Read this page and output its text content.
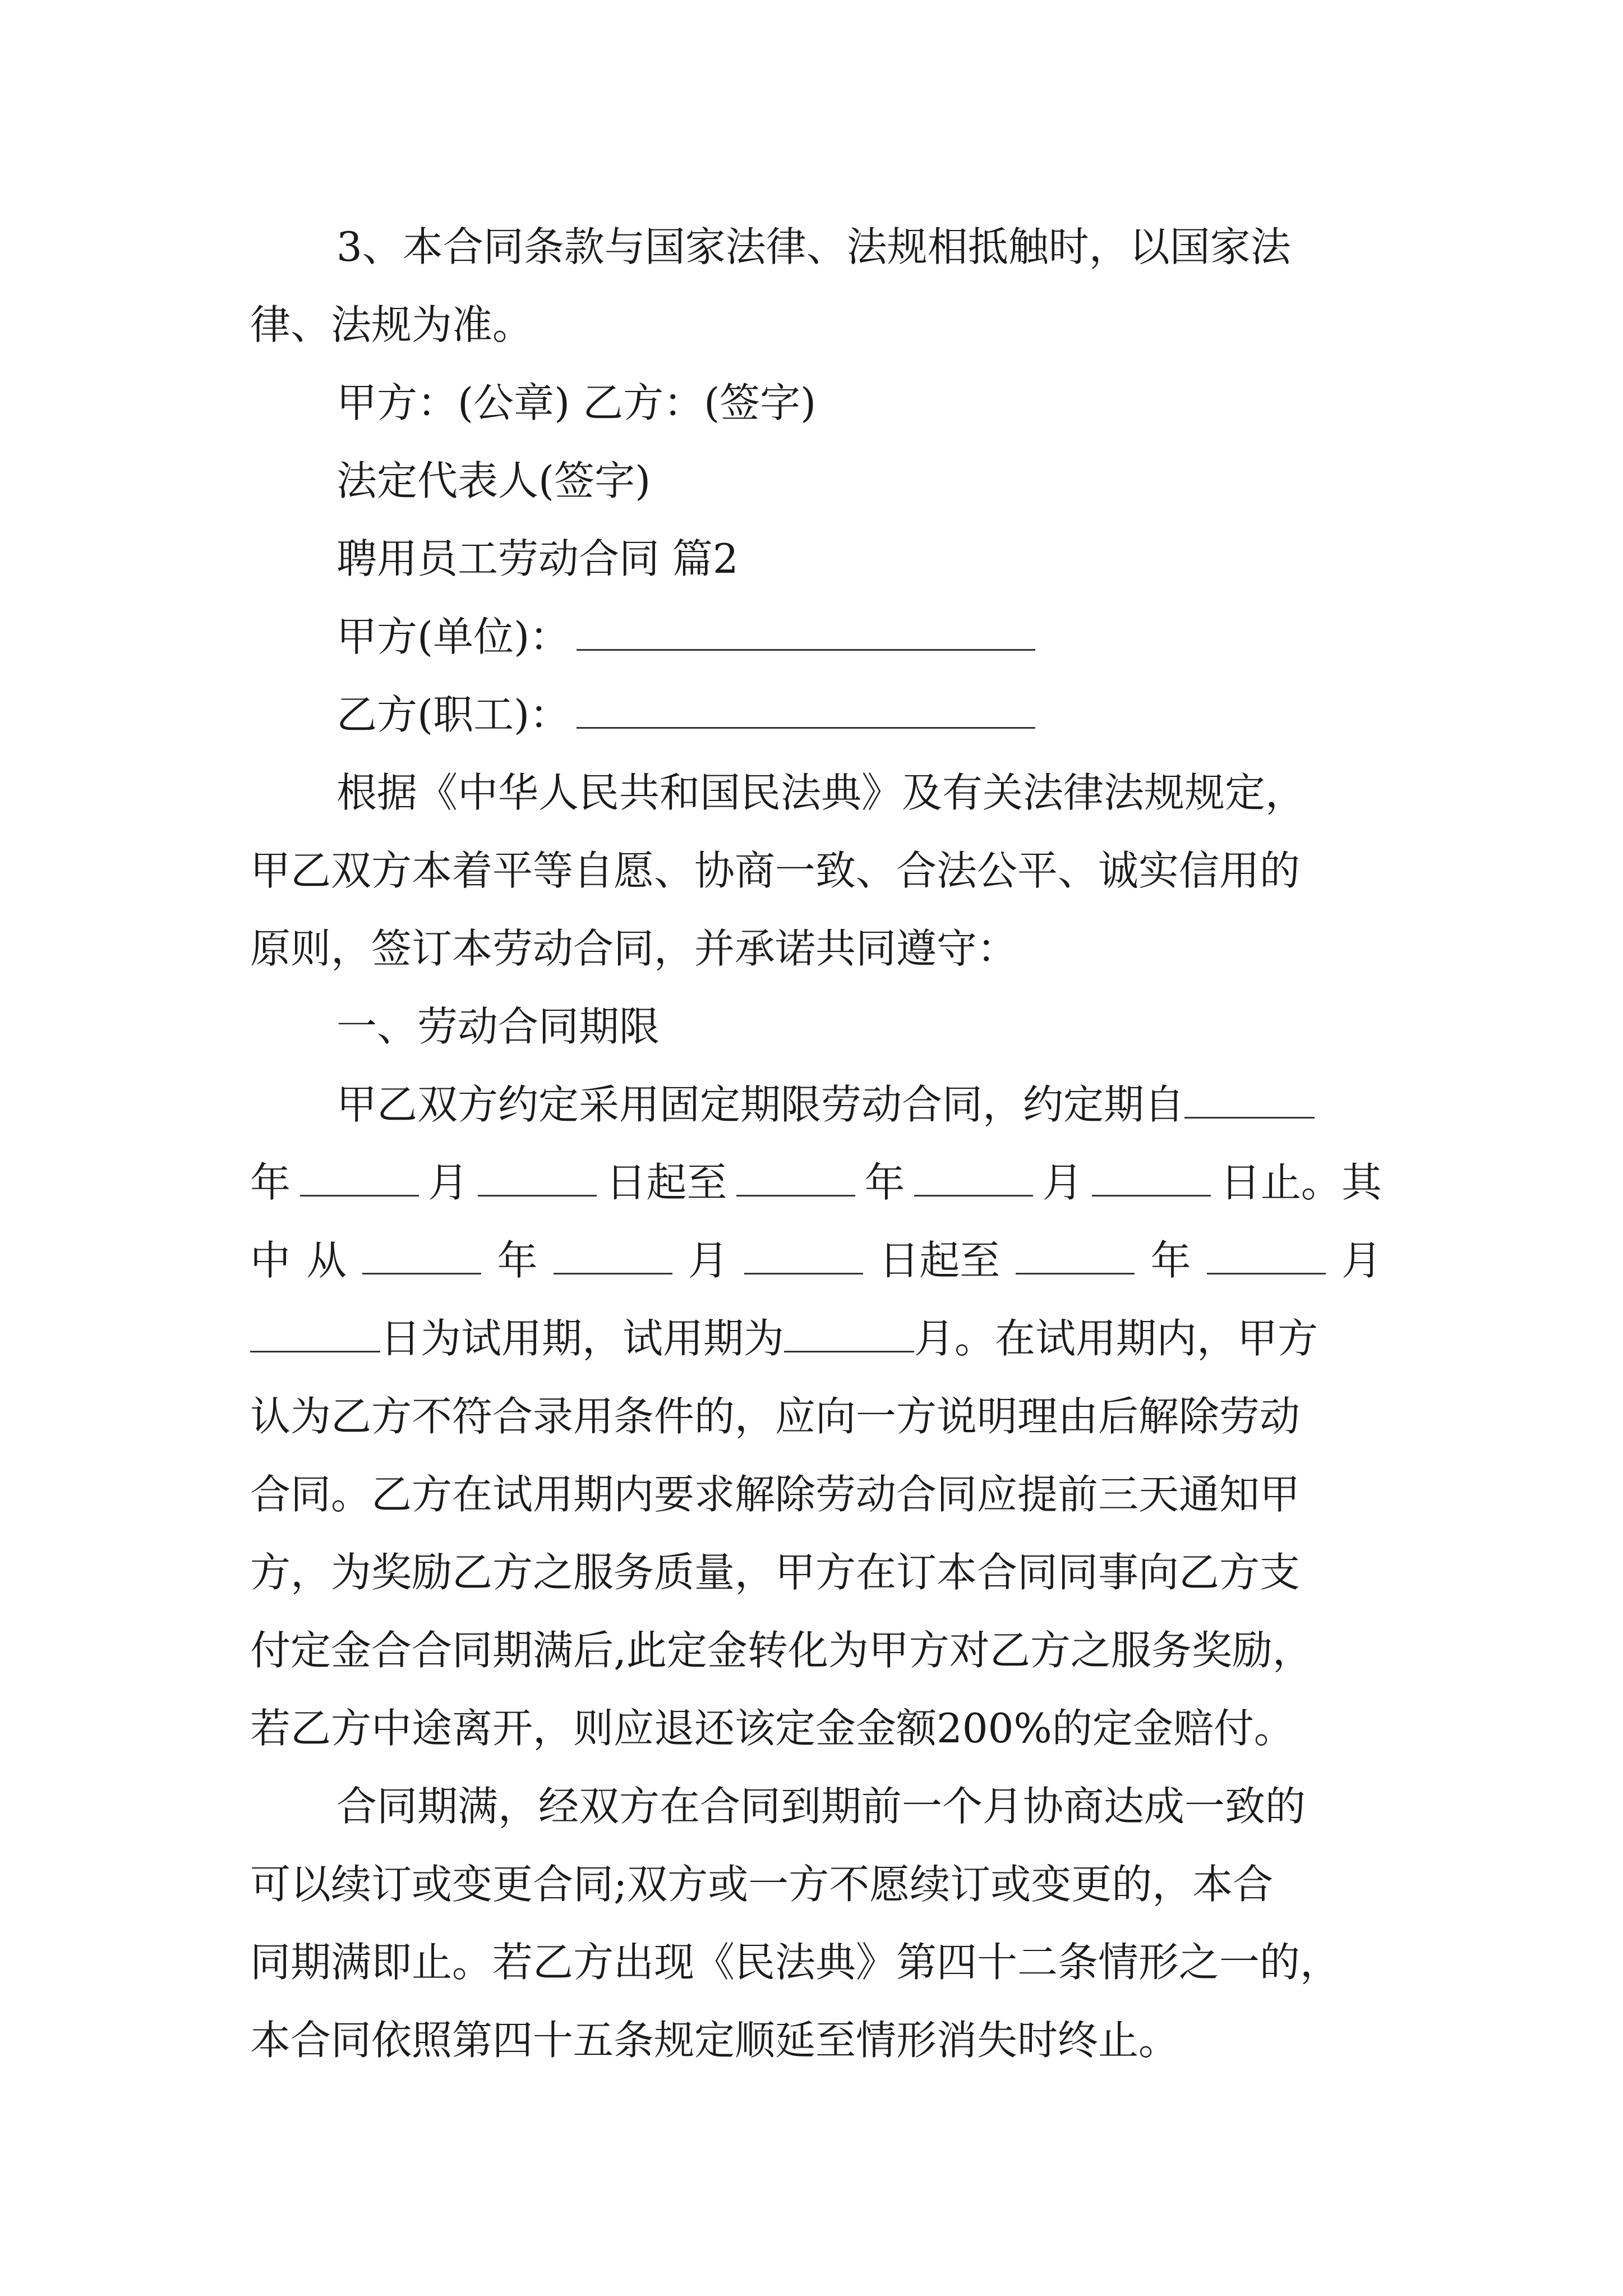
3、本合同条款与国家法律、法规相抵触时，以国家法
律、法规为准。
甲方：(公章) 乙方：(签字)
法定代表人(签字)
聘用员工劳动合同 篇2
甲方(单位)：
乙方(职工)：
根据《中华人民共和国民法典》及有关法律法规规定，
甲乙双方本着平等自愿、协商一致、合法公平、诚实信用的
原则，签订本劳动合同，并承诺共同遵守：
一、劳动合同期限
甲乙双方约定采用固定期限劳动合同，约定期自
年	月	日起至	年	月	日止。其
中 从	年	月	日起至	年	月
日为试用期，试用期为	月。在试用期内，甲方
认为乙方不符合录用条件的，应向一方说明理由后解除劳动
合同。乙方在试用期内要求解除劳动合同应提前三天通知甲
方，为奖励乙方之服务质量，甲方在订本合同同事向乙方支
付定金合合同期满后,此定金转化为甲方对乙方之服务奖励，
若乙方中途离开，则应退还该定金金额200%的定金赔付。
合同期满，经双方在合同到期前一个月协商达成一致的
可以续订或变更合同;双方或一方不愿续订或变更的，本合
同期满即止。若乙方出现《民法典》第四十二条情形之一的，
本合同依照第四十五条规定顺延至情形消失时终止。
